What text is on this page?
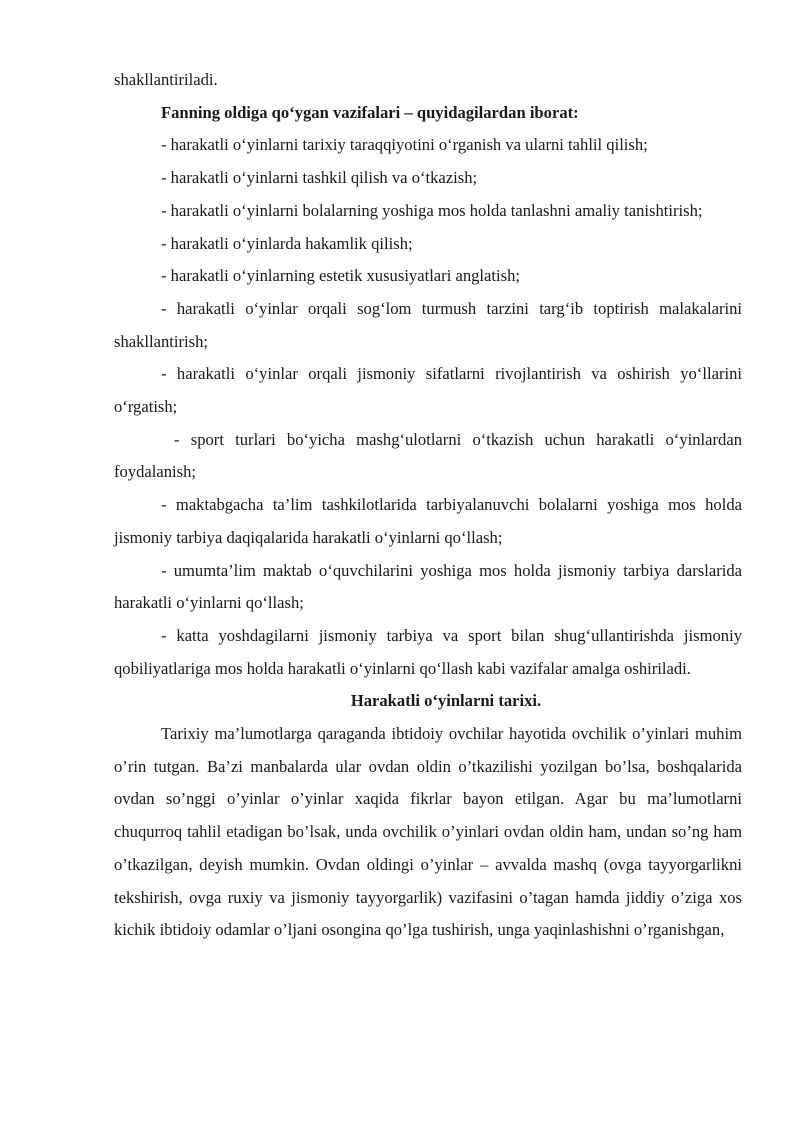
shakllantiriladi.

Fanning oldiga qo‘ygan vazifalari – quyidagilardan iborat:

- harakatli o‘yinlarni tarixiy taraqqiyotini o‘rganish va ularni tahlil qilish;

- harakatli o‘yinlarni tashkil qilish va o‘tkazish;

- harakatli o‘yinlarni bolalarning yoshiga mos holda tanlashni amaliy tanishtirish;

- harakatli o‘yinlarda hakamlik qilish;

- harakatli o‘yinlarning estetik xususiyatlari anglatish;

- harakatli o‘yinlar orqali sog‘lom turmush tarzini targ‘ib toptirish malakalarini shakllantirish;

- harakatli o‘yinlar orqali jismoniy sifatlarni rivojlantirish va oshirish yo‘llarini o‘rgatish;

- sport turlari bo‘yicha mashg‘ulotlarni o‘tkazish uchun harakatli o‘yinlardan foydalanish;

- maktabgacha ta’lim tashkilotlarida tarbiyalanuvchi bolalarni yoshiga mos holda jismoniy tarbiya daqiqalarida harakatli o‘yinlarni qo‘llash;

- umumta’lim maktab o‘quvchilarini yoshiga mos holda jismoniy tarbiya darslarida harakatli o‘yinlarni qo‘llash;

- katta yoshdagilarni jismoniy tarbiya va sport bilan shug‘ullantirishda jismoniy qobiliyatlariga mos holda harakatli o‘yinlarni qo‘llash kabi vazifalar amalga oshiriladi.

Harakatli o‘yinlarni tarixi.

Tarixiy ma’lumotlarga qaraganda ibtidoiy ovchilar hayotida ovchilik o’yinlari muhim o’rin tutgan. Ba’zi manbalarda ular ovdan oldin o’tkazilishi yozilgan bo’lsa, boshqalarida ovdan so’nggi o’yinlar o’yinlar xaqida fikrlar bayon etilgan. Agar bu ma’lumotlarni chuqurroq tahlil etadigan bo’lsak, unda ovchilik o’yinlari ovdan oldin ham, undan so’ng ham o’tkazilgan, deyish mumkin. Ovdan oldingi o’yinlar – avvalda mashq (ovga tayyorgarlikni tekshirish, ovga ruxiy va jismoniy tayyorgarlik) vazifasini o’tagan hamda jiddiy o’ziga xos kichik ibtidoiy odamlar o’ljani osongina qo’lga tushirish, unga yaqinlashishni o’rganishgan,
